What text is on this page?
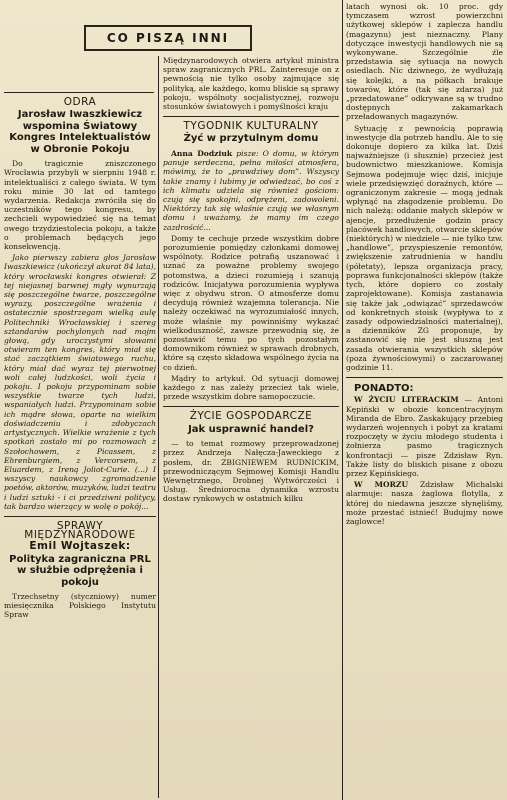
CO PISZĄ INNI
ODRA
Jarosław Iwaszkiewicz wspomina Światowy Kongres Intelektualistów w Obronie Pokoju

Do tragicznie zniszczonego Wrocławia przybyli w sierpniu 1948 r. intelektualiści z całego świata. W tym roku minie 30 lat od tamtego wydarzenia. Redakcja zwróciła się do uczestników tego kongresu, by zechcieli wypowiedzieć się na temat owego trzydziestolecia pokoju, a także o problemach będących jego konsekwencją.

Jako pierwszy zabiera głos Jarosław Iwaszkiewicz (ukończył akurat 84 lata), który wrocławski kongres otwierał: Z tej niejasnej barwnej mgły wynurzają się poszczególne twarze, poszczególne wyrazy, poszczególne wrażenia i ostatecznie spostrzegam wielką aulę Politechniki Wrocławskiej i szereg sztandarów pochylonych nad mojm głową, gdy uroczystymi słowami otwieram ten kongres, który miał się stać zaczątkiem światowego ruchu, który miał dać wyraz tej pierwotnej woli całej ludzkości, woli życia i pokoju. I pokoju przypominam sobie wszystkie twarze tych ludzi, wspaniałych ludzi. Przypominam sobie ich mądre słowa, oparte na wielkim doświadczeniu i zdobyczach artystycznych. Wielkie wrażenie z tych spotkań zostało mi po rozmowach z Szołochowem, z Picassem, z Ehrenburgiem, z Vercorsem, z Eluardem, z Ireną Joliot-Curie. (...) I wszyscy naukowcy zgromadzenie poetów, aktorów, muzyków, ludzi teatru i ludzi sztuki - i ci przedziwni politycy, tak bardzo wierzący w wolę o pokój...

SPRAWY MIĘDZYNARODOWE
Emil Wojtaszek:
Polityka zagraniczna PRL w służbie odprężenia i pokoju

Trzechsetny (styczniowy) numer miesięcznika Polskiego Instytutu Spraw

Międzynarodowych otwiera artykuł ministra spraw zagranicznych PRL. Zainteresuje on z pewnością nie tylko osoby zajmujące się polityką, ale każdego, komu bliskie są sprawy pokoju, wspólnoty socjalistycznej, rozwoju stosunków światowych i pomyślności kraju

TYGODNIK KULTURALNY
Żyć w przytulnym domu

Anna Dodziuk pisze: O domu, w którym panuje serdeczna, pełna miłości atmosfera, mówimy, że to „prawdziwy dom”. Wszyscy takie znamy i lubimy je odwiedzać, bo coś z ich klimatu udziela się również gościom: czują się spokojni, odprężeni, zadowoleni. Niektórzy tak się właśnie czują we własnym domu i uważamy, że mamy im czego zazdrościć...

Domy te cechuje przede wszystkim dobre porozumienie pomiędzy członkami domowej wspólnoty. Rodzice potrafią uszanować i uznać za poważne problemy swojego potomstwa, a dzieci rozumieją i szanują rodziców. Inicjatywa porozumienia wypływa więc z obydwu stron. O atmosferze domu decydują również wzajemna tolerancja. Nie należy oczekiwać na wyrozumiałość innych, może właśnie my powinniśmy wykazać wielkoduszność, zawsze przewodnią się, że pozostawić temu po tych pozostałym domownikom również w sprawach drobnych, które są często składowa wspólnego życia na co dzień.

Mądry to artykuł. Od sytuacji domowej każdego z nas zależy przecież tak wiele, przede wszystkim dobre samopoczucie.

ŻYCIE GOSPODARCZE
Jak usprawnić handel?

— to temat rozmowy przeprowadzonej przez Andrzeja Nałęcza-Jaweckiego z posłem, dr. ZBIGNIEWEM RUDNICKIM, przewodniczącym Sejmowej Komisji Handlu Wewnętrznego, Drobnej Wytwórczości i Usług. Średniorocna dynamika wzrostu dostaw rynkowych w ostatnich kilku

latach wynosi ok. 10 proc. gdy tymczasem wzrost powierzchni użytkowej sklepów i zaplecza handlu (magazynu) jest nieznaczny. Plany dotyczące inwestycji handlowych nie są wykonywane. Szczególnie źle przedstawia się sytuacja na nowych osiedlach. Nic dziwnego, że wydłużają się kolejki, a na półkach brakuje towarów, które (tak się zdarza) już „przedatowane” odkrywane są w trudno dostępnych zakamarkach przeładowanych magazynów.

Sytuację z pewnością poprawią inwestycje dla potrzeb handlu. Ale to się dokonuje dopiero za kilka lat. Dziś najważniejsze (i słusznie) przecież jest budownictwo mieszkaniowe. Komisja Sejmowa podejmuje więc dziś, inicjuje wiele przedsięwzięć doraźnych, które — ograniczonym zakresie — mogą jednak wpłynąć na złagodzenie problemu. Do nich należą: oddanie małych sklepów w ajencje, przedłużenie godzin pracy placówek handlowych, otwarcie sklepów (niektórych) w niedziele — nie tylko tzw. „handlowe”, przyspieszenie remontów, zwiększenie zatrudnienia w handlu (półetaty), lepsza organizacja pracy, poprawa funkcjonalności sklepów (także tych, które dopiero co zostały zaprojektowane). Komisja zastanawia się także jak „odwiązać” sprzedawców od konkretnych stoisk (wypływa to z zasady odpowiedzialności materialnej), a dzienników ZG proponuje, by zastanowić się nie jest słuszną jest zasada otwierania wszystkich sklepów (poza żywnościowymi) o zaczarowanej godzinie 11.

PONADTO:

W ŻYCIU LITERACKIM — Antoni Kępiński w obozie koncentracyjnym Miranda de Ebro. Zaskakujący przebieg wydarzeń wojennych i pobyt za kratami rozpoczęty w życiu młodego studenta i żołnierza pasmo tragicznych konfrontacji — pisze Zdzisław Ryn. Także listy do bliskich pisane z obozu przez Kępińskiego.

W MORZU Zdzisław Michalski alarmuje: nasza żaglowa flotylla, z której do niedawna jeszcze słynęliśmy, może przestać istnieć! Budujmy nowe żaglowce!
